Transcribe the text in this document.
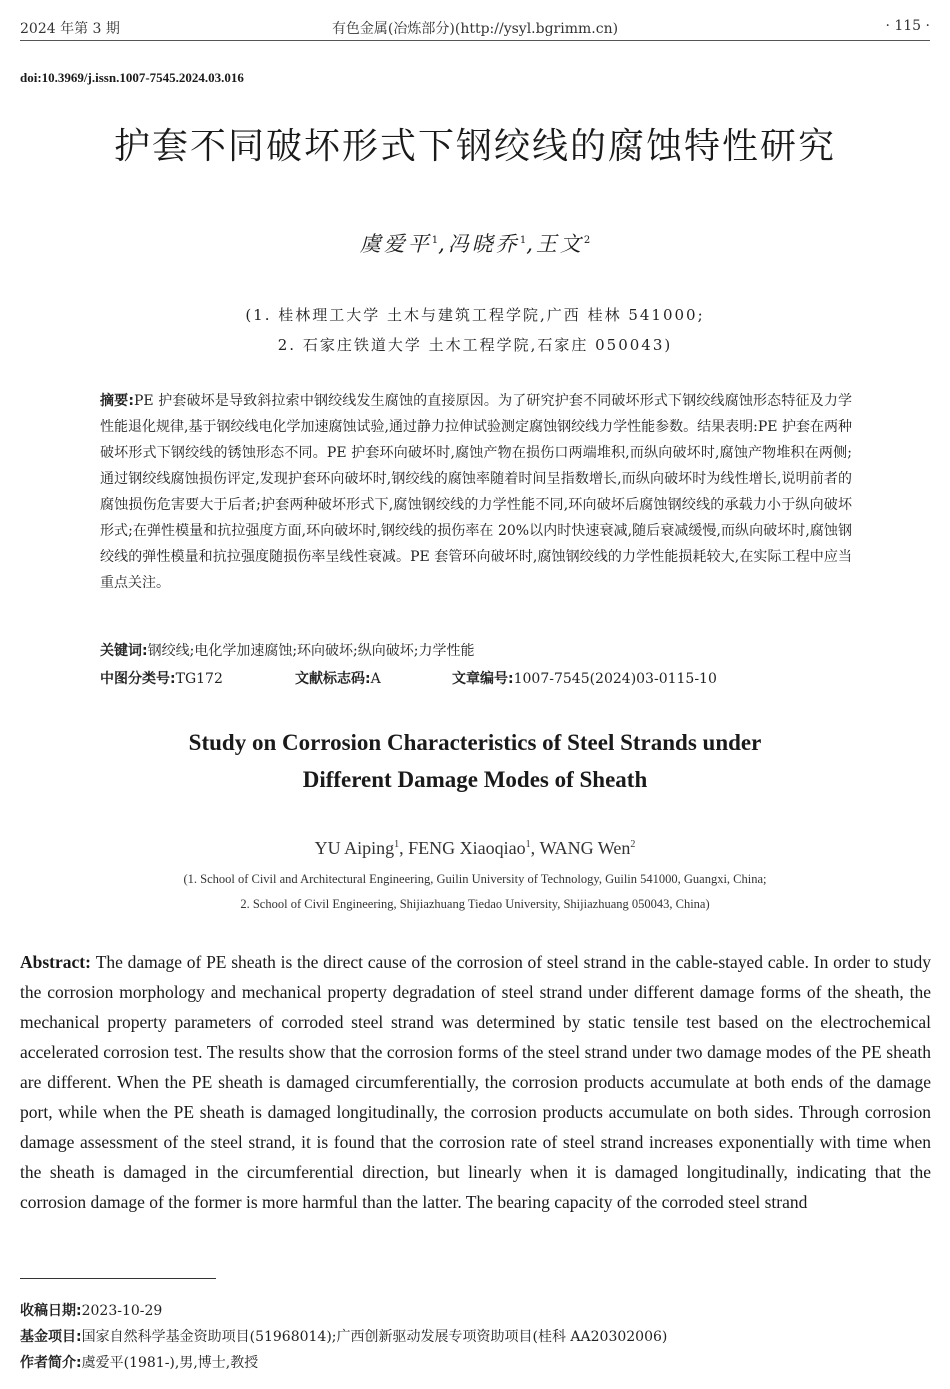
2024 年第 3 期	有色金属(冶炼部分)(http://ysyl.bgrimm.cn)	· 115 ·
doi:10.3969/j.issn.1007-7545.2024.03.016
护套不同破坏形式下钢绞线的腐蚀特性研究
虞爱平$^1$,冯晓乔$^1$,王文$^2$
(1. 桂林理工大学 土木与建筑工程学院,广西 桂林 541000;
2. 石家庄铁道大学 土木工程学院,石家庄 050043)
摘要:PE 护套破坏是导致斜拉索中钢绞线发生腐蚀的直接原因。为了研究护套不同破坏形式下钢绞线腐蚀形态特征及力学性能退化规律,基于钢绞线电化学加速腐蚀试验,通过静力拉伸试验测定腐蚀钢绞线力学性能参数。结果表明:PE 护套在两种破坏形式下钢绞线的锈蚀形态不同。PE 护套环向破坏时,腐蚀产物在损伤口两端堆积,而纵向破坏时,腐蚀产物堆积在两侧;通过钢绞线腐蚀损伤评定,发现护套环向破坏时,钢绞线的腐蚀率随着时间呈指数增长,而纵向破坏时为线性增长,说明前者的腐蚀损伤危害要大于后者;护套两种破坏形式下,腐蚀钢绞线的力学性能不同,环向破坏后腐蚀钢绞线的承载力小于纵向破坏形式;在弹性模量和抗拉强度方面,环向破坏时,钢绞线的损伤率在 20%以内时快速衰减,随后衰减缓慢,而纵向破坏时,腐蚀钢绞线的弹性模量和抗拉强度随损伤率呈线性衰减。PE 套管环向破坏时,腐蚀钢绞线的力学性能损耗较大,在实际工程中应当重点关注。
关键词:钢绞线;电化学加速腐蚀;环向破坏;纵向破坏;力学性能
中图分类号:TG172	文献标志码:A	文章编号:1007-7545(2024)03-0115-10
Study on Corrosion Characteristics of Steel Strands under
Different Damage Modes of Sheath
YU Aiping$^1$, FENG Xiaoqiao$^1$, WANG Wen$^2$
(1. School of Civil and Architectural Engineering, Guilin University of Technology, Guilin 541000, Guangxi, China;
2. School of Civil Engineering, Shijiazhuang Tiedao University, Shijiazhuang 050043, China)
Abstract: The damage of PE sheath is the direct cause of the corrosion of steel strand in the cable-stayed cable. In order to study the corrosion morphology and mechanical property degradation of steel strand under different damage forms of the sheath, the mechanical property parameters of corroded steel strand was determined by static tensile test based on the electrochemical accelerated corrosion test. The results show that the corrosion forms of the steel strand under two damage modes of the PE sheath are different. When the PE sheath is damaged circumferentially, the corrosion products accumulate at both ends of the damage port, while when the PE sheath is damaged longitudinally, the corrosion products accumulate on both sides. Through corrosion damage assessment of the steel strand, it is found that the corrosion rate of steel strand increases exponentially with time when the sheath is damaged in the circumferential direction, but linearly when it is damaged longitudinally, indicating that the corrosion damage of the former is more harmful than the latter. The bearing capacity of the corroded steel strand
收稿日期:2023-10-29
基金项目:国家自然科学基金资助项目(51968014);广西创新驱动发展专项资助项目(桂科 AA20302006)
作者简介:虞爱平(1981-),男,博士,教授
